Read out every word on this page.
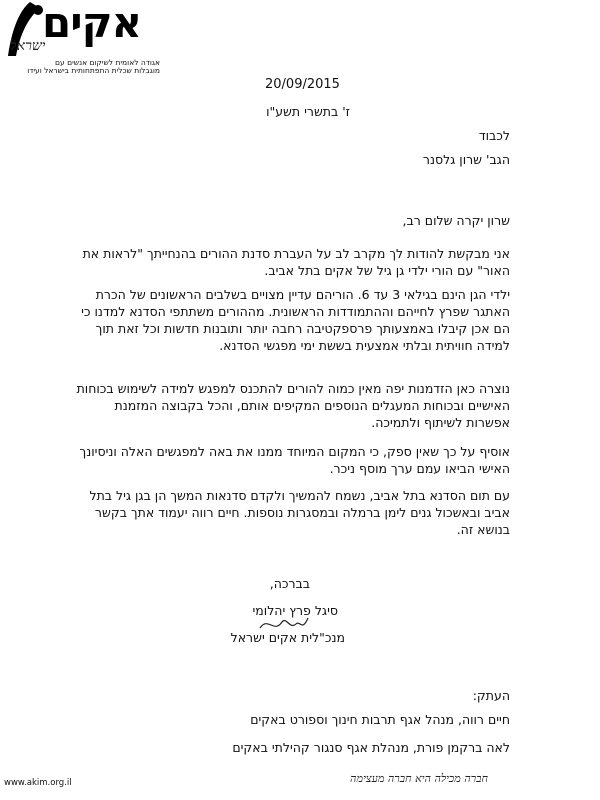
אקים
ישראל
אגודה לאומית לשיקום אנשים עם
מוגבלות שכלית התפתחותית בישראל ועידו
20/09/2015
ז' בתשרי תשע"ו
לכבוד
הגב' שרון גלסנר
שרון יקרה שלום רב,
אני מבקשת להודות לך מקרב לב על העברת סדנת ההורים בהנחייתך "לראות את האור" עם הורי ילדי גן גיל של אקים בתל אביב.
ילדי הגן הינם בגילאי 3 עד 6. הוריהם עדיין מצויים בשלבים הראשונים של הכרת האתגר שפרץ לחייהם וההתמודדות הראשונית. מההורים משתתפי הסדנא למדנו כי הם אכן קיבלו באמצעותך פרספקטיבה רחבה יותר ותובנות חדשות וכל זאת תוך למידה חוויתית ובלתי אמצעית בששת ימי מפגשי הסדנא.
נוצרה כאן הזדמנות יפה מאין כמוה להורים להתכנס למפגש למידה לשימוש בכוחות האישיים ובכוחות המעגלים הנוספים המקיפים אותם, והכל בקבוצה המזמנת אפשרות לשיתוף ולתמיכה.
אוסיף על כך שאין ספק, כי המקום המיוחד ממנו את באה למפגשים האלה וניסיונך האישי הביאו עמם ערך מוסף ניכר.
עם תום הסדנא בתל אביב, נשמח להמשיך ולקדם סדנאות המשך הן בגן גיל בתל אביב ובאשכול גנים לימן ברמלה ובמסגרות נוספות. חיים רווה יעמוד אתך בקשר בנושא זה.
בברכה,
סיגל פרץ יהלומי
מנכ"לית אקים ישראל
העתק:
חיים רווה, מנהל אגף תרבות חינוך וספורט באקים
לאה ברקמן פורת, מנהלת אגף סנגור קהילתי באקים
www.akim.org.il	חברה מכילה היא חברה מעצימה
